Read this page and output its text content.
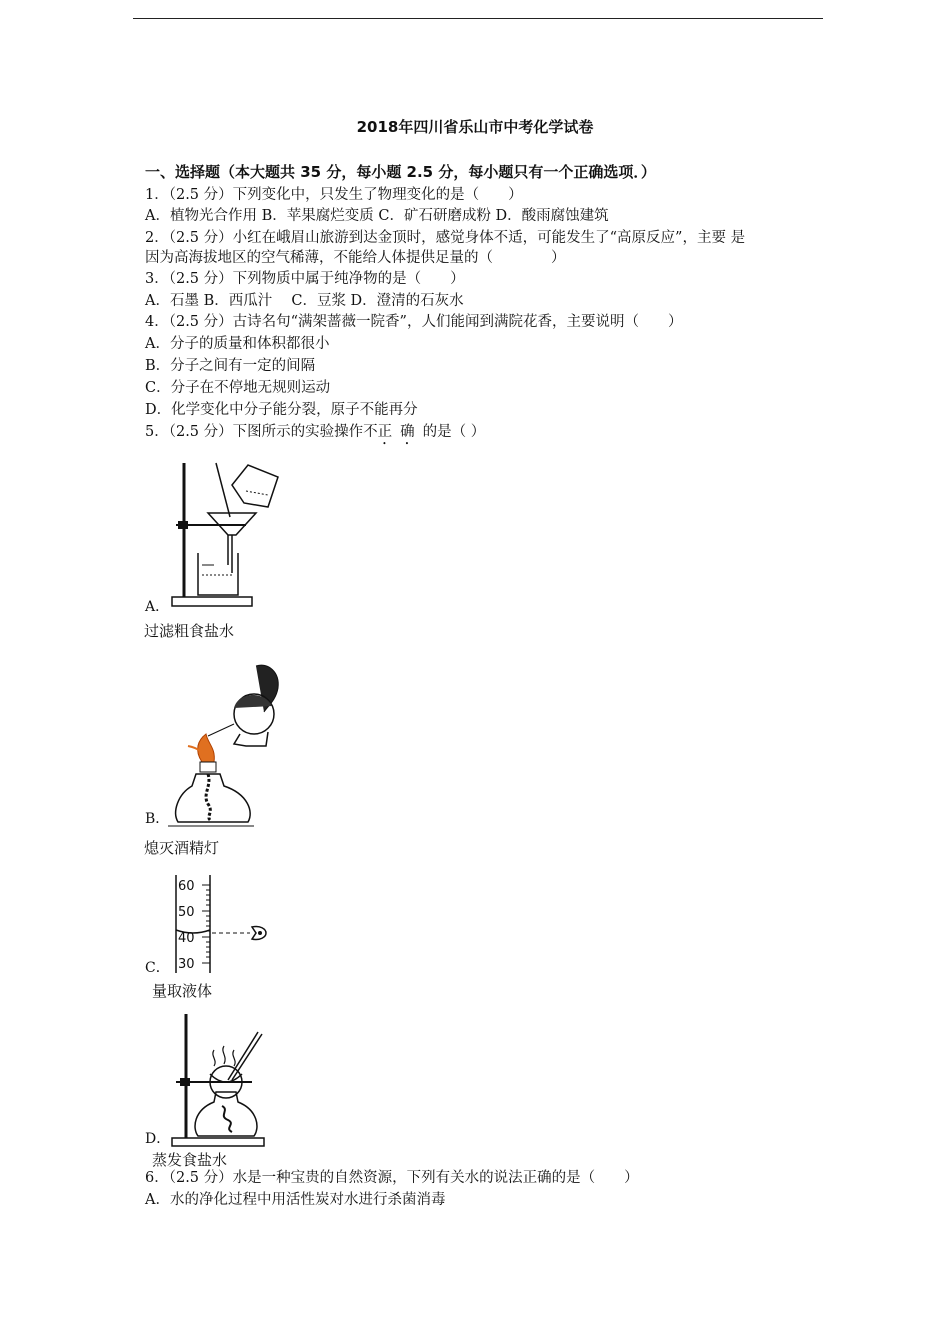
2018年四川省乐山市中考化学试卷
一、选择题（本大题共 35 分，每小题 2.5 分，每小题只有一个正确选项．）
1．（2.5 分）下列变化中，只发生了物理变化的是（　　）
A．植物光合作用 B．苹果腐烂变质 C．矿石研磨成粉 D．酸雨腐蚀建筑
2．（2.5 分）小红在峨眉山旅游到达金顶时，感觉身体不适，可能发生了“高原反应”，主要 是
因为高海拔地区的空气稀薄，不能给人体提供足量的（　　　　）
3．（2.5 分）下列物质中属于纯净物的是（　　）
A．石墨 B．西瓜汁　 C．豆浆 D．澄清的石灰水
4．（2.5 分）古诗名句“满架蔷薇一院香”，人们能闻到满院花香，主要说明（　　）
A．分子的质量和体积都很小
B．分子之间有一定的间隔
C．分子在不停地无规则运动
D．化学变化中分子能分裂，原子不能再分
5．（2.5 分）下图所示的实验操作不正确的是（ ）
A．
过滤粗食盐水
B．
熄灭酒精灯
60
50
40
30
C．
量取液体
D．
蒸发食盐水
6．（2.5 分）水是一种宝贵的自然资源，下列有关水的说法正确的是（　　）
A．水的净化过程中用活性炭对水进行杀菌消毒
